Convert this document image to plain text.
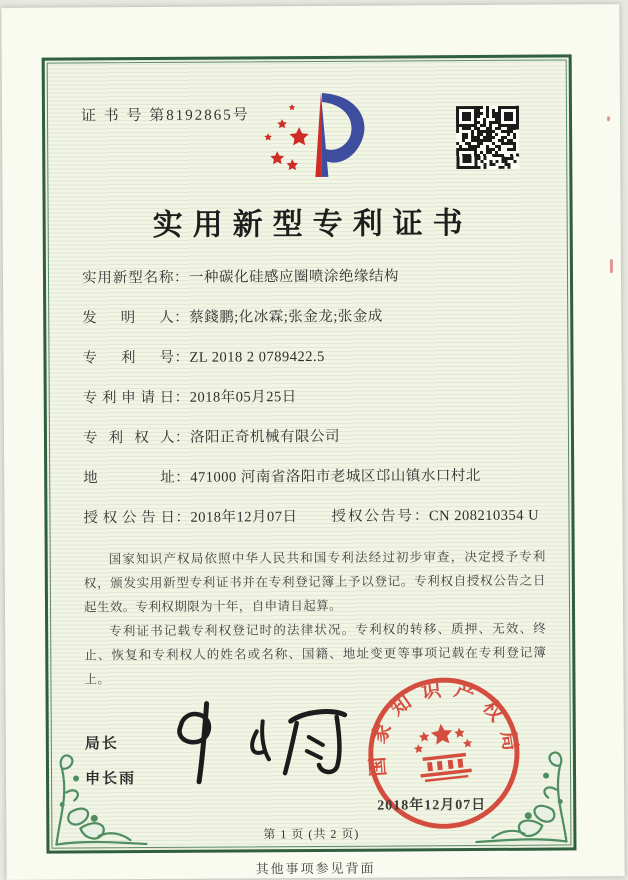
证 书 号 第8192865号
实用新型专利证书
实用新型名称 ： 一种碳化硅感应圈喷涂绝缘结构
发明人 ： 蔡錢鹏;化冰霖;张金龙;张金成
专利号 ： ZL 2018 2 0789422.5
专利申请日 ： 2018年05月25日
专利权人 ： 洛阳正奇机械有限公司
地址 ： 471000 河南省洛阳市老城区邙山镇水口村北
授权公告日 ： 2018年12月07日 授权公告号 ： CN 208210354 U

国家知识产权局依照中华人民共和国专利法经过初步审查，决定授予专利权，颁发实用新型专利证书并在专利登记簿上予以登记。专利权自授权公告之日起生效。专利权期限为十年，自申请日起算。

专利证书记载专利权登记时的法律状况。专利权的转移、质押、无效、终止、恢复和专利权人的姓名或名称、国籍、地址变更等事项记载在专利登记簿上。

局长
申长雨
国家知识产权局
2018年12月07日
第 1 页 (共 2 页)
其他事项参见背面
